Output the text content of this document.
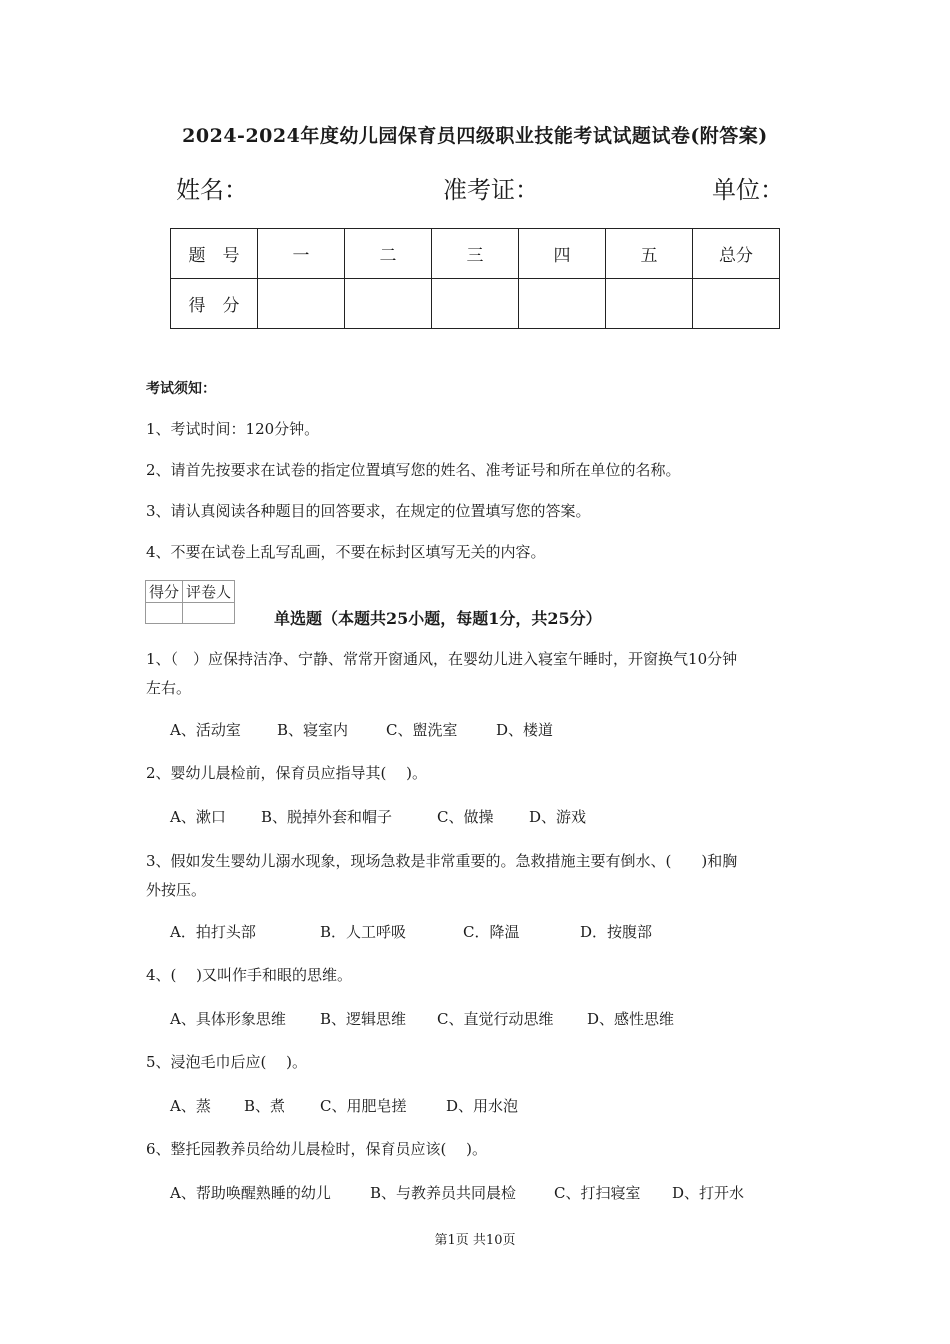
2024-2024年度幼儿园保育员四级职业技能考试试题试卷(附答案)
姓名：	准考证：	单位：
题　号	一	二	三	四	五	总分
得　分						
考试须知：
1、考试时间：120分钟。
2、请首先按要求在试卷的指定位置填写您的姓名、准考证号和所在单位的名称。
3、请认真阅读各种题目的回答要求，在规定的位置填写您的答案。
4、不要在试卷上乱写乱画，不要在标封区填写无关的内容。
得分	评卷人

单选题（本题共25小题，每题1分，共25分）
1、（　）应保持洁净、宁静、常常开窗通风，在婴幼儿进入寝室午睡时，开窗换气10分钟
左右。
A、活动室 B、寝室内	C、盥洗室	D、楼道
2、婴幼儿晨检前，保育员应指导其(　 )。
A、漱口 B、脱掉外套和帽子	C、做操 D、游戏
3、假如发生婴幼儿溺水现象，现场急救是非常重要的。急救措施主要有倒水、(　　)和胸
外按压。
A．拍打头部	B．人工呼吸	C．降温	D．按腹部
4、(　 )又叫作手和眼的思维。
A、具体形象思维 B、逻辑思维 C、直觉行动思维 D、感性思维
5、浸泡毛巾后应(　 )。
A、蒸 B、煮 C、用肥皂搓	D、用水泡
6、整托园教养员给幼儿晨检时，保育员应该(　 )。
A、帮助唤醒熟睡的幼儿	B、与教养员共同晨检	C、打扫寝室 D、打开水
第1页 共10页
